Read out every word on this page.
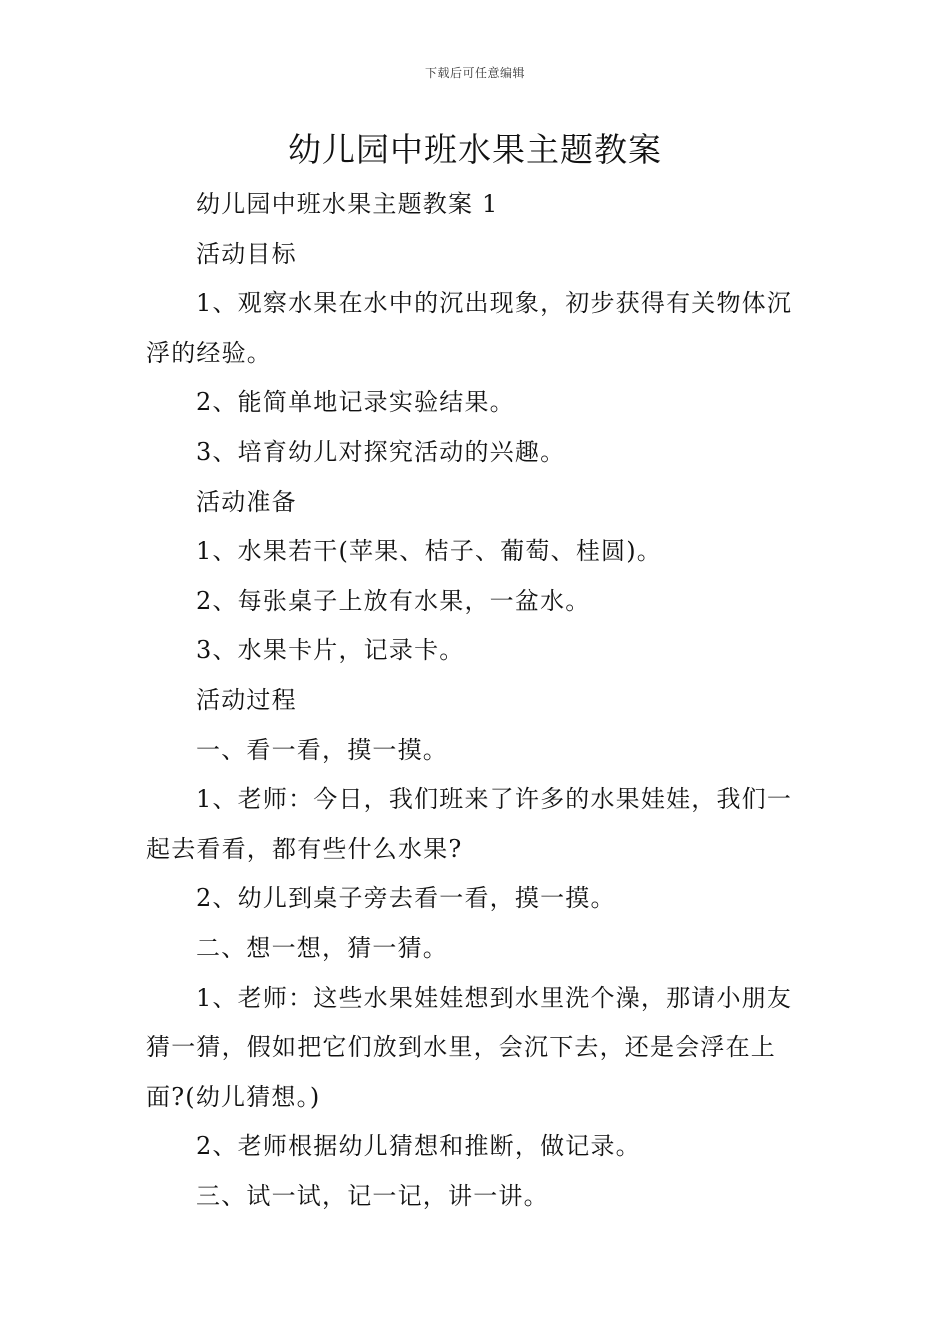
下载后可任意编辑
幼儿园中班水果主题教案

幼儿园中班水果主题教案 1

活动目标

1、观察水果在水中的沉出现象，初步获得有关物体沉浮的经验。

2、能简单地记录实验结果。

3、培育幼儿对探究活动的兴趣。

活动准备

1、水果若干(苹果、桔子、葡萄、桂圆)。

2、每张桌子上放有水果，一盆水。

3、水果卡片，记录卡。

活动过程

一、看一看，摸一摸。

1、老师：今日，我们班来了许多的水果娃娃，我们一起去看看，都有些什么水果?

2、幼儿到桌子旁去看一看，摸一摸。

二、想一想，猜一猜。

1、老师：这些水果娃娃想到水里洗个澡，那请小朋友猜一猜，假如把它们放到水里，会沉下去，还是会浮在上面?(幼儿猜想。)

2、老师根据幼儿猜想和推断，做记录。

三、试一试，记一记，讲一讲。
